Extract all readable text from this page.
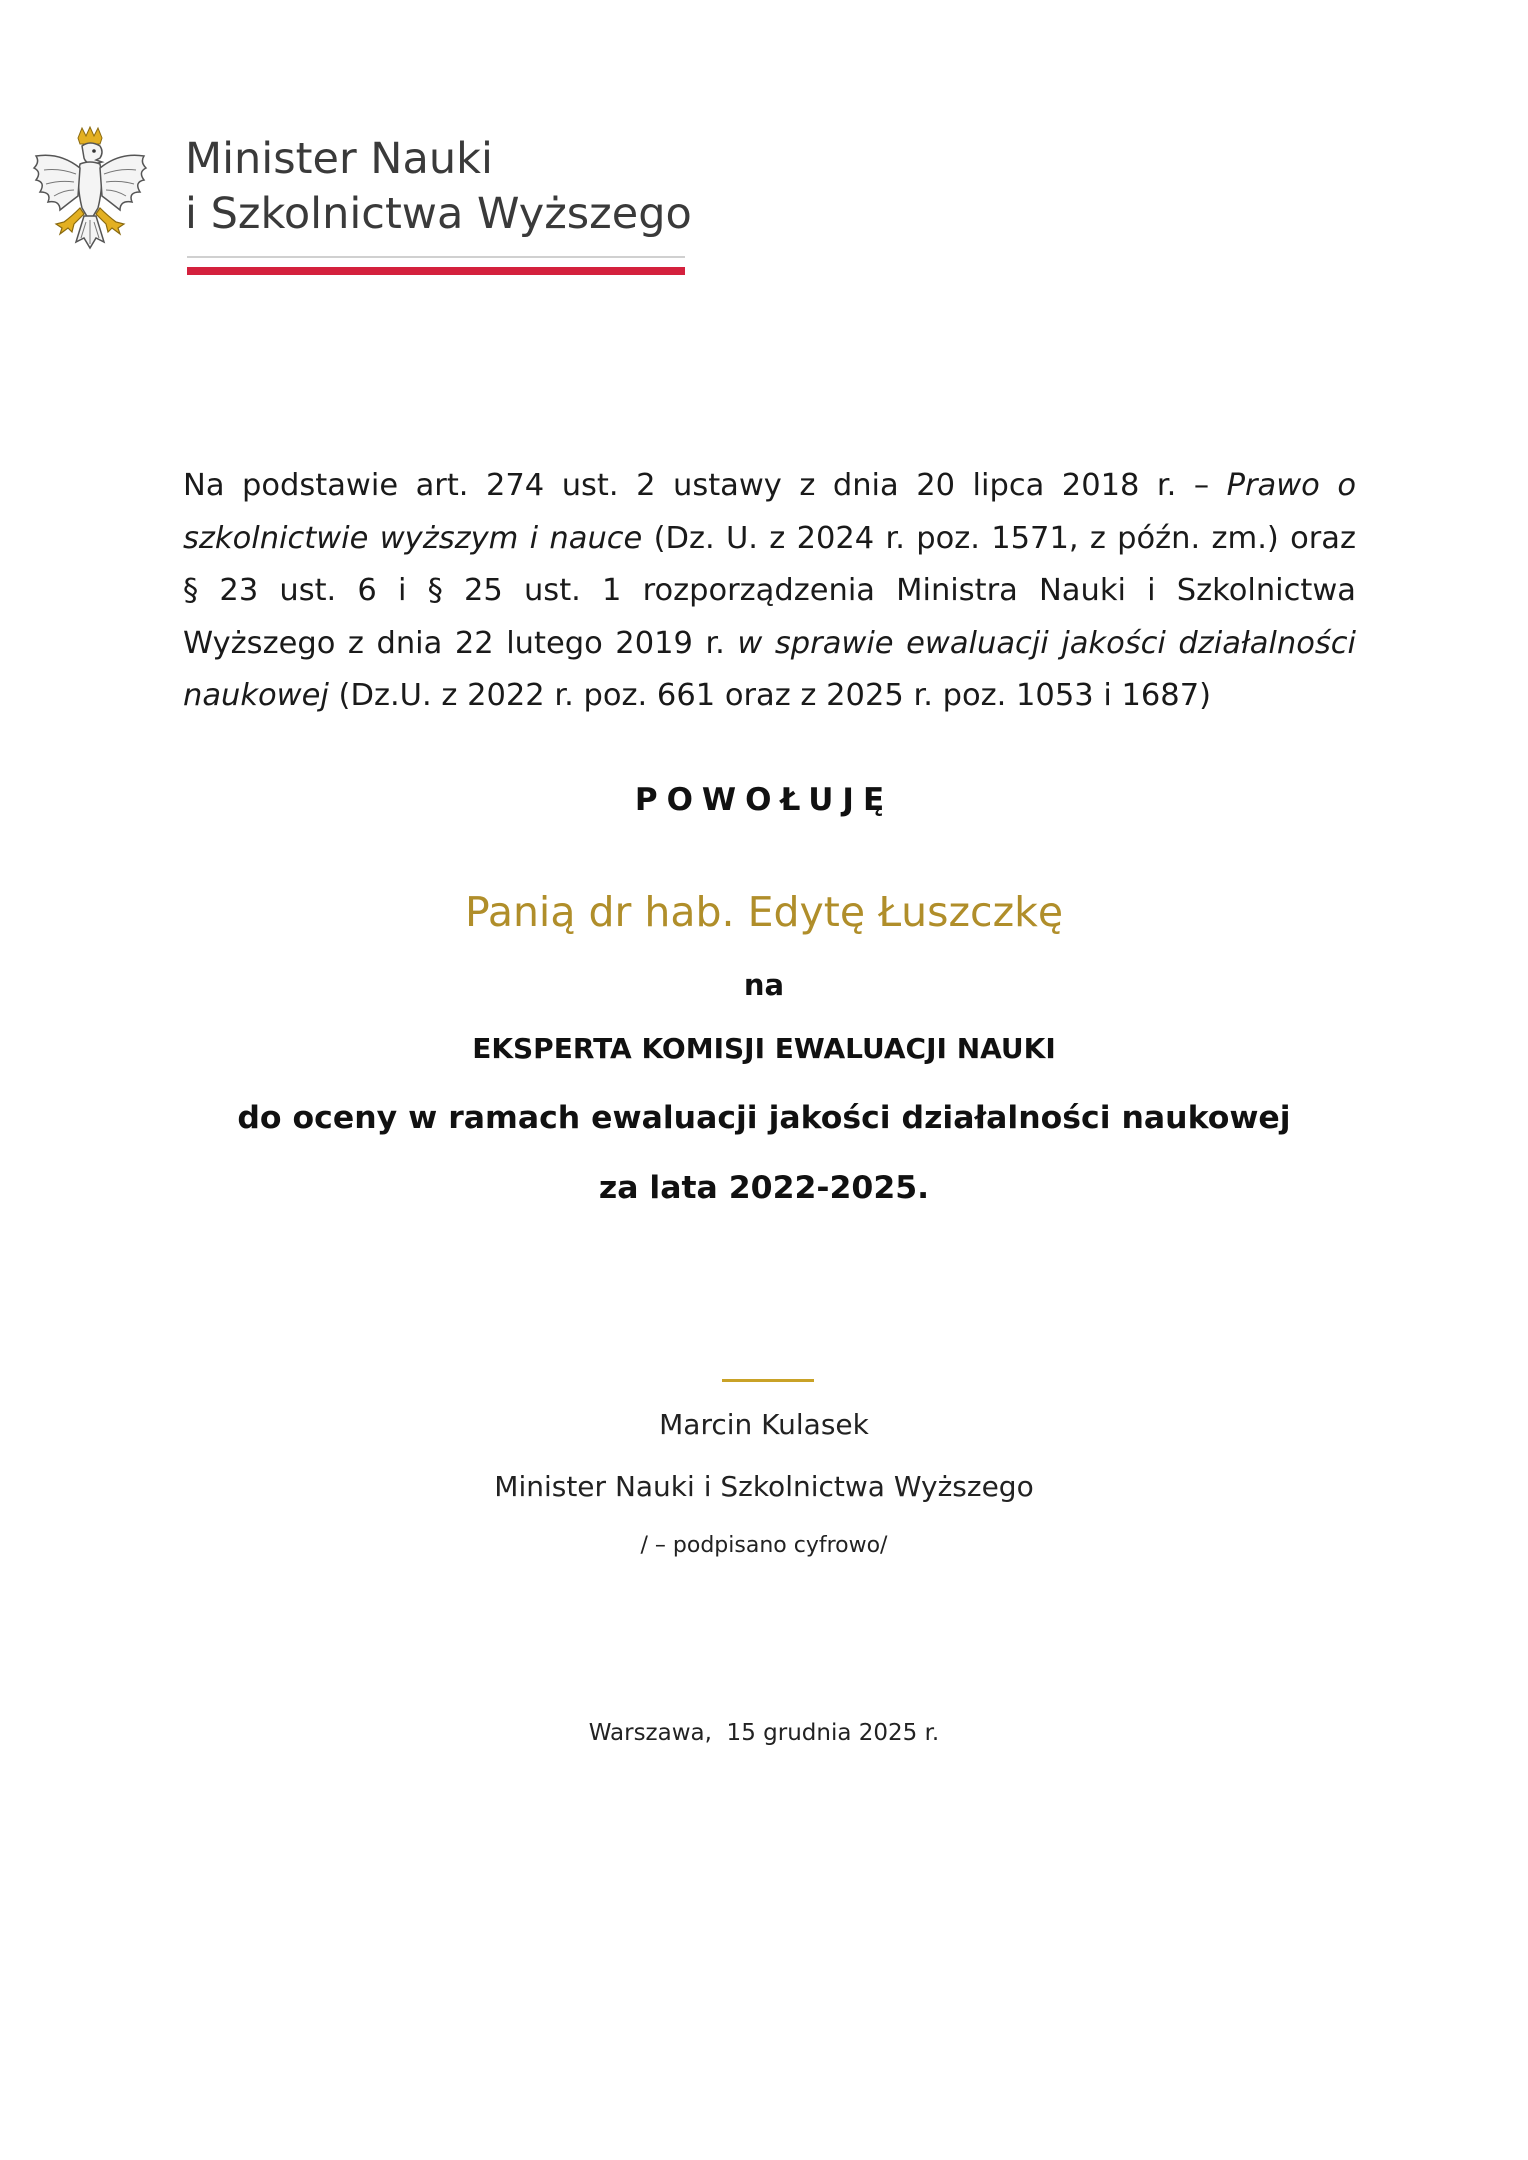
Minister Nauki
i Szkolnictwa Wyższego
Na podstawie art. 274 ust. 2 ustawy z dnia 20 lipca 2018 r. – Prawo o szkolnictwie wyższym i nauce (Dz. U. z 2024 r. poz. 1571, z późn. zm.) oraz § 23 ust. 6 i § 25 ust. 1 rozporządzenia Ministra Nauki i Szkolnictwa Wyższego z dnia 22 lutego 2019 r. w sprawie ewaluacji jakości działalności naukowej (Dz.U. z 2022 r. poz. 661 oraz z 2025 r. poz. 1053 i 1687)
POWOŁUJĘ
Panią dr hab. Edytę Łuszczkę
na
EKSPERTA KOMISJI EWALUACJI NAUKI
do oceny w ramach ewaluacji jakości działalności naukowej
za lata 2022-2025.
Marcin Kulasek
Minister Nauki i Szkolnictwa Wyższego
/ – podpisano cyfrowo/
Warszawa,  15 grudnia 2025 r.
